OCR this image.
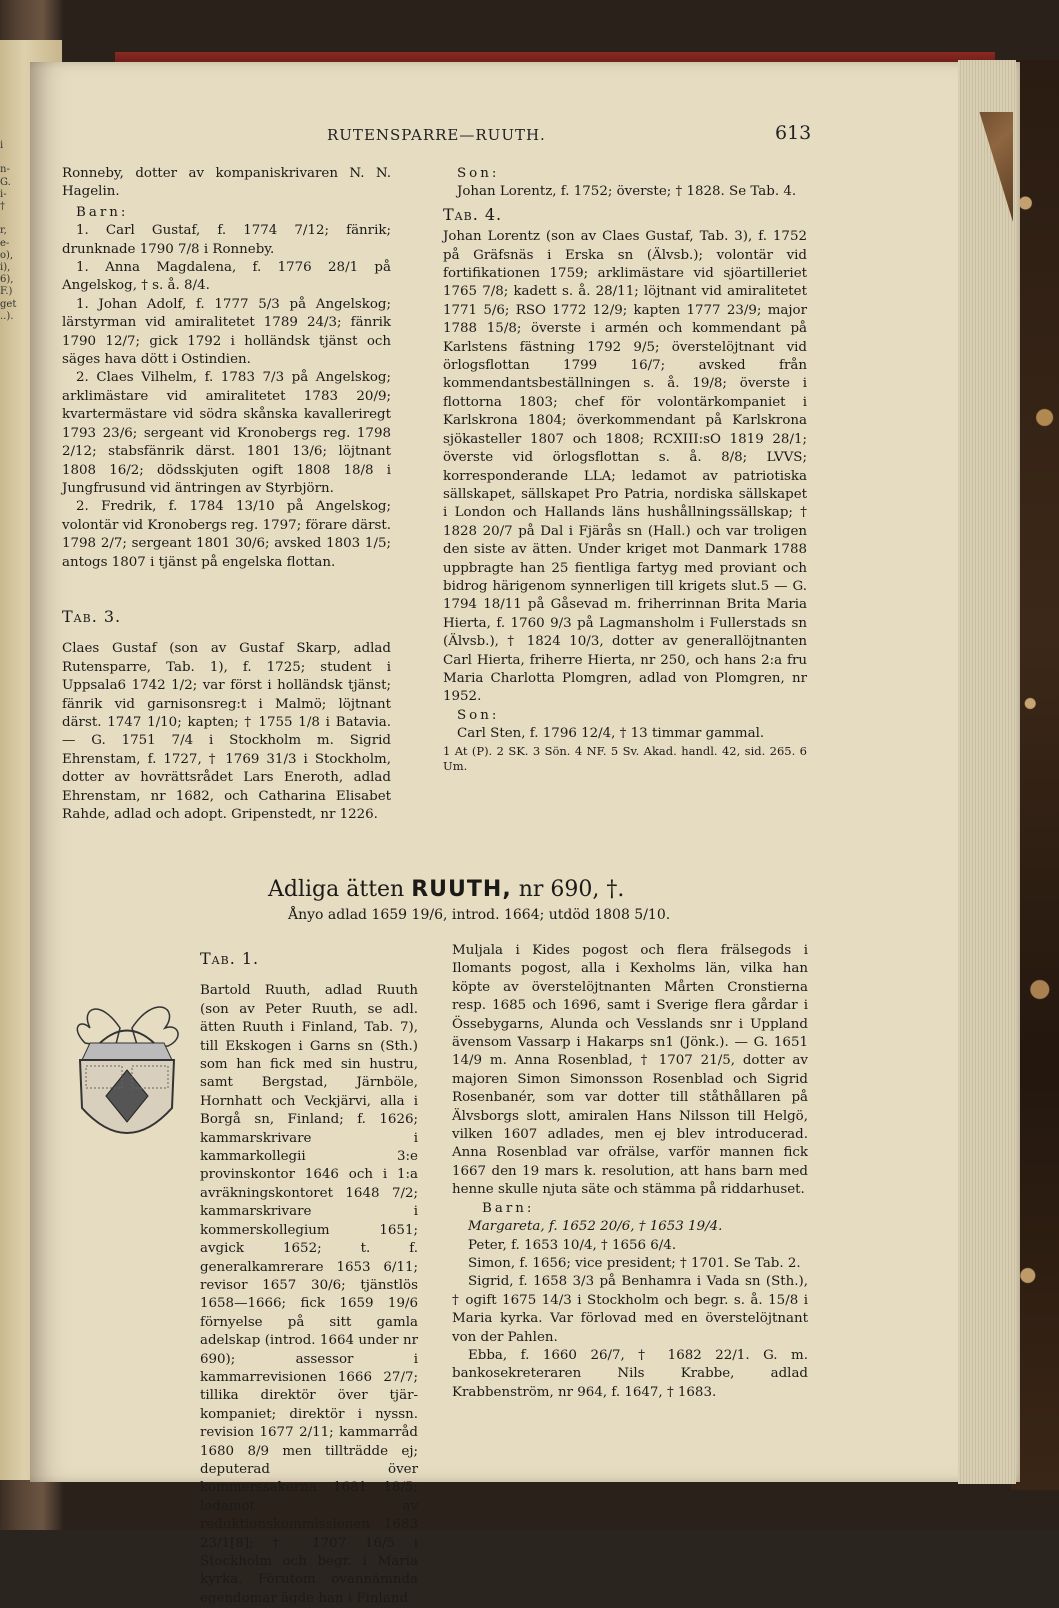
i

n-
G.
i-
†

r,
e-
o),
i),
6),
F.)
get
..).
RUTENSPARRE—RUUTH.	613

Ronneby, dotter av kompaniskrivaren N. N. Hagelin.

Barn:

1. Carl Gustaf, f. 1774 7/12; fänrik; drunknade 1790 7/8 i Ronneby.

1. Anna Magdalena, f. 1776 28/1 på Angelskog, † s. å. 8/4.

1. Johan Adolf, f. 1777 5/3 på Angelskog; lärstyrman vid amiralitetet 1789 24/3; fänrik 1790 12/7; gick 1792 i holländsk tjänst och säges hava dött i Ostindien.

2. Claes Vilhelm, f. 1783 7/3 på Angelskog; arklimästare vid amiralitetet 1783 20/9; kvartermästare vid södra skånska kavalleriregt 1793 23/6; sergeant vid Kronobergs reg. 1798 2/12; stabsfänrik därst. 1801 13/6; löjtnant 1808 16/2; dödsskjuten ogift 1808 18/8 i Jungfrusund vid äntringen av Styrbjörn.

2. Fredrik, f. 1784 13/10 på Angelskog; volontär vid Kronobergs reg. 1797; förare därst. 1798 2/7; sergeant 1801 30/6; avsked 1803 1/5; antogs 1807 i tjänst på engelska flottan.

Tab. 3.

Claes Gustaf (son av Gustaf Skarp, adlad Rutensparre, Tab. 1), f. 1725; student i Uppsala6 1742 1/2; var först i holländsk tjänst; fänrik vid garnisonsreg:t i Malmö; löjtnant därst. 1747 1/10; kapten; † 1755 1/8 i Batavia. — G. 1751 7/4 i Stockholm m. Sigrid Ehrenstam, f. 1727, † 1769 31/3 i Stockholm, dotter av hovrättsrådet Lars Eneroth, adlad Ehrenstam, nr 1682, och Catharina Elisabet Rahde, adlad och adopt. Gripenstedt, nr 1226.

Son:

Johan Lorentz, f. 1752; överste; † 1828. Se Tab. 4.

Tab. 4.

Johan Lorentz (son av Claes Gustaf, Tab. 3), f. 1752 på Gräfsnäs i Erska sn (Älvsb.); volontär vid fortifikationen 1759; arklimästare vid sjöartilleriet 1765 7/8; kadett s. å. 28/11; löjtnant vid amiralitetet 1771 5/6; RSO 1772 12/9; kapten 1777 23/9; major 1788 15/8; överste i armén och kommendant på Karlstens fästning 1792 9/5; överstelöjtnant vid örlogsflottan 1799 16/7; avsked från kommendantsbeställningen s. å. 19/8; överste i flottorna 1803; chef för volontärkompaniet i Karlskrona 1804; överkommendant på Karlskrona sjökasteller 1807 och 1808; RCXIII:sO 1819 28/1; överste vid örlogsflottan s. å. 8/8; LVVS; korresponderande LLA; ledamot av patriotiska sällskapet, sällskapet Pro Patria, nordiska sällskapet i London och Hallands läns hushållningssällskap; † 1828 20/7 på Dal i Fjärås sn (Hall.) och var troligen den siste av ätten. Under kriget mot Danmark 1788 uppbragte han 25 fientliga fartyg med proviant och bidrog härigenom synnerligen till krigets slut.5 — G. 1794 18/11 på Gåsevad m. friherrinnan Brita Maria Hierta, f. 1760 9/3 på Lagmansholm i Fullerstads sn (Älvsb.), † 1824 10/3, dotter av generallöjtnanten Carl Hierta, friherre Hierta, nr 250, och hans 2:a fru Maria Charlotta Plomgren, adlad von Plomgren, nr 1952.

Son:

Carl Sten, f. 1796 12/4, † 13 timmar gammal.

1 At (P). 2 SK. 3 Sön. 4 NF. 5 Sv. Akad. handl. 42, sid. 265. 6 Um.

Adliga ätten RUUTH, nr 690, †.
Ånyo adlad 1659 19/6, introd. 1664; utdöd 1808 5/10.

Tab. 1.

Bartold Ruuth, adlad Ruuth (son av Peter Ruuth, se adl. ätten Ruuth i Finland, Tab. 7), till Ekskogen i Garns sn (Sth.) som han fick med sin hustru, samt Bergstad, Järnböle, Hornhatt och Veckjärvi, alla i Borgå sn, Finland; f. 1626; kammarskrivare i kammarkollegii 3:e provinskontor 1646 och i 1:a avräkningskontoret 1648 7/2; kammarskrivare i kommerskollegium 1651; avgick 1652; t. f. generalkamrerare 1653 6/11; revisor 1657 30/6; tjänstlös 1658—1666; fick 1659 19/6 förnyelse på sitt gamla adelskap (introd. 1664 under nr 690); assessor i kammarrevisionen 1666 27/7; tillika direktör över tjär-kompaniet; direktör i nyssn. revision 1677 2/11; kammarråd 1680 8/9 men tillträdde ej; deputerad över kommerssakerna 1681 18/5; ledamot av reduktionskommissionen 1683 23/1[8]; † 1707 16/5 i Stockholm och begr. i Maria kyrka. Förutom ovannämnda egendomar ägde han i Finland

Muljala i Kides pogost och flera frälsegods i Ilomants pogost, alla i Kexholms län, vilka han köpte av överstelöjtnanten Mårten Cronstierna resp. 1685 och 1696, samt i Sverige flera gårdar i Össebygarns, Alunda och Vesslands snr i Uppland ävensom Vassarp i Hakarps sn1 (Jönk.). — G. 1651 14/9 m. Anna Rosenblad, † 1707 21/5, dotter av majoren Simon Simonsson Rosenblad och Sigrid Rosenbanér, som var dotter till ståthållaren på Älvsborgs slott, amiralen Hans Nilsson till Helgö, vilken 1607 adlades, men ej blev introducerad. Anna Rosenblad var ofrälse, varför mannen fick 1667 den 19 mars k. resolution, att hans barn med henne skulle njuta säte och stämma på riddarhuset.

Barn:

Margareta, f. 1652 20/6, † 1653 19/4.

Peter, f. 1653 10/4, † 1656 6/4.

Simon, f. 1656; vice president; † 1701. Se Tab. 2.

Sigrid, f. 1658 3/3 på Benhamra i Vada sn (Sth.), † ogift 1675 14/3 i Stockholm och begr. s. å. 15/8 i Maria kyrka. Var förlovad med en överstelöjtnant von der Pahlen.

Ebba, f. 1660 26/7, † 1682 22/1. G. m. bankosekreteraren Nils Krabbe, adlad Krabbenström, nr 964, f. 1647, † 1683.
